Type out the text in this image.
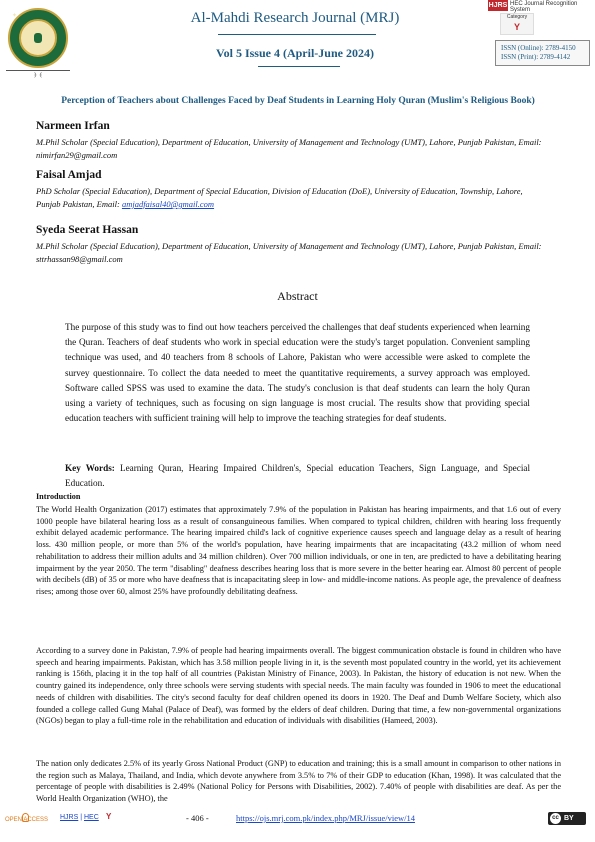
✦
﴿ ﴾
Al-Mahdi Research Journal (MRJ)
Vol 5 Issue 4 (April-June 2024)
HJRS HEC Journal Recognition System
Category
Y
ISSN (Online): 2789-4150
ISSN (Print): 2789-4142
Perception of Teachers about Challenges Faced by Deaf Students in Learning Holy Quran (Muslim's Religious Book)
Narmeen Irfan
M.Phil Scholar (Special Education), Department of Education, University of Management and Technology (UMT), Lahore, Punjab Pakistan, Email: nimirfan29@gmail.com
Faisal Amjad
PhD Scholar (Special Education), Department of Special Education, Division of Education (DoE), University of Education, Township, Lahore, Punjab Pakistan, Email: amjadfaisal40@gmail.com
Syeda Seerat Hassan
M.Phil Scholar (Special Education), Department of Education, University of Management and Technology (UMT), Lahore, Punjab Pakistan, Email: sttrhassan98@gmail.com
Abstract
The purpose of this study was to find out how teachers perceived the challenges that deaf students experienced when learning the Quran. Teachers of deaf students who work in special education were the study's target population. Convenient sampling technique was used, and 40 teachers from 8 schools of Lahore, Pakistan who were accessible were asked to complete the survey questionnaire. To collect the data needed to meet the quantitative requirements, a survey approach was employed. Software called SPSS was used to examine the data. The study's conclusion is that deaf students can learn the holy Quran using a variety of techniques, such as focusing on sign language is most crucial. The results show that providing special education teachers with sufficient training will help to improve the teaching strategies for deaf students.
Key Words: Learning Quran, Hearing Impaired Children's, Special education Teachers, Sign Language, and Special Education.
Introduction
The World Health Organization (2017) estimates that approximately 7.9% of the population in Pakistan has hearing impairments, and that 1.6 out of every 1000 people have bilateral hearing loss as a result of consanguineous families. When compared to typical children, children with hearing loss frequently exhibit delayed academic performance. The hearing impaired child's lack of cognitive experience causes speech and language delay as a result of hearing loss. 430 million people, or more than 5% of the world's population, have hearing impairments that are incapacitating (43.2 million of whom need rehabilitation to address their million adults and 34 million children). Over 700 million individuals, or one in ten, are predicted to have a debilitating hearing impairment by the year 2050. The term "disabling" deafness describes hearing loss that is more severe in the better hearing ear. Almost 80 percent of people with decibels (dB) of 35 or more who have deafness that is incapacitating sleep in low- and middle-income nations. As people age, the prevalence of deafness rises; among those over 60, almost 25% have profoundly debilitating deafness.
According to a survey done in Pakistan, 7.9% of people had hearing impairments overall. The biggest communication obstacle is found in children who have speech and hearing impairments. Pakistan, which has 3.58 million people living in it, is the seventh most populated country in the world, yet its achievement ranking is 156th, placing it in the top half of all countries (Pakistan Ministry of Finance, 2003). In Pakistan, the history of education is not new. When the country gained its independence, only three schools were serving students with special needs. The main faculty was founded in 1906 to meet the educational needs of children with disabilities. The city's second faculty for deaf children opened its doors in 1920. The Deaf and Dumb Welfare Society, which also founded a college called Gung Mahal (Palace of Deaf), was formed by the elders of deaf children. During that time, a few non-governmental organizations (NGOs) began to play a full-time role in the rehabilitation and education of individuals with disabilities (Hameed, 2003).
The nation only dedicates 2.5% of its yearly Gross National Product (GNP) to education and training; this is a small amount in comparison to other nations in the region such as Malaya, Thailand, and India, which devote anywhere from 3.5% to 7% of their GDP to education (Khan, 1998). It was calculated that the percentage of people with disabilities is 2.49% (National Policy for Persons with Disabilities, 2002). 7.40% of people with disabilities are deaf. As per the World Health Organization (WHO), the
OPEN ACCESS HJRS | HEC Y	- 406 -	https://ojs.mrj.com.pk/index.php/MRJ/issue/view/14	cc BY
